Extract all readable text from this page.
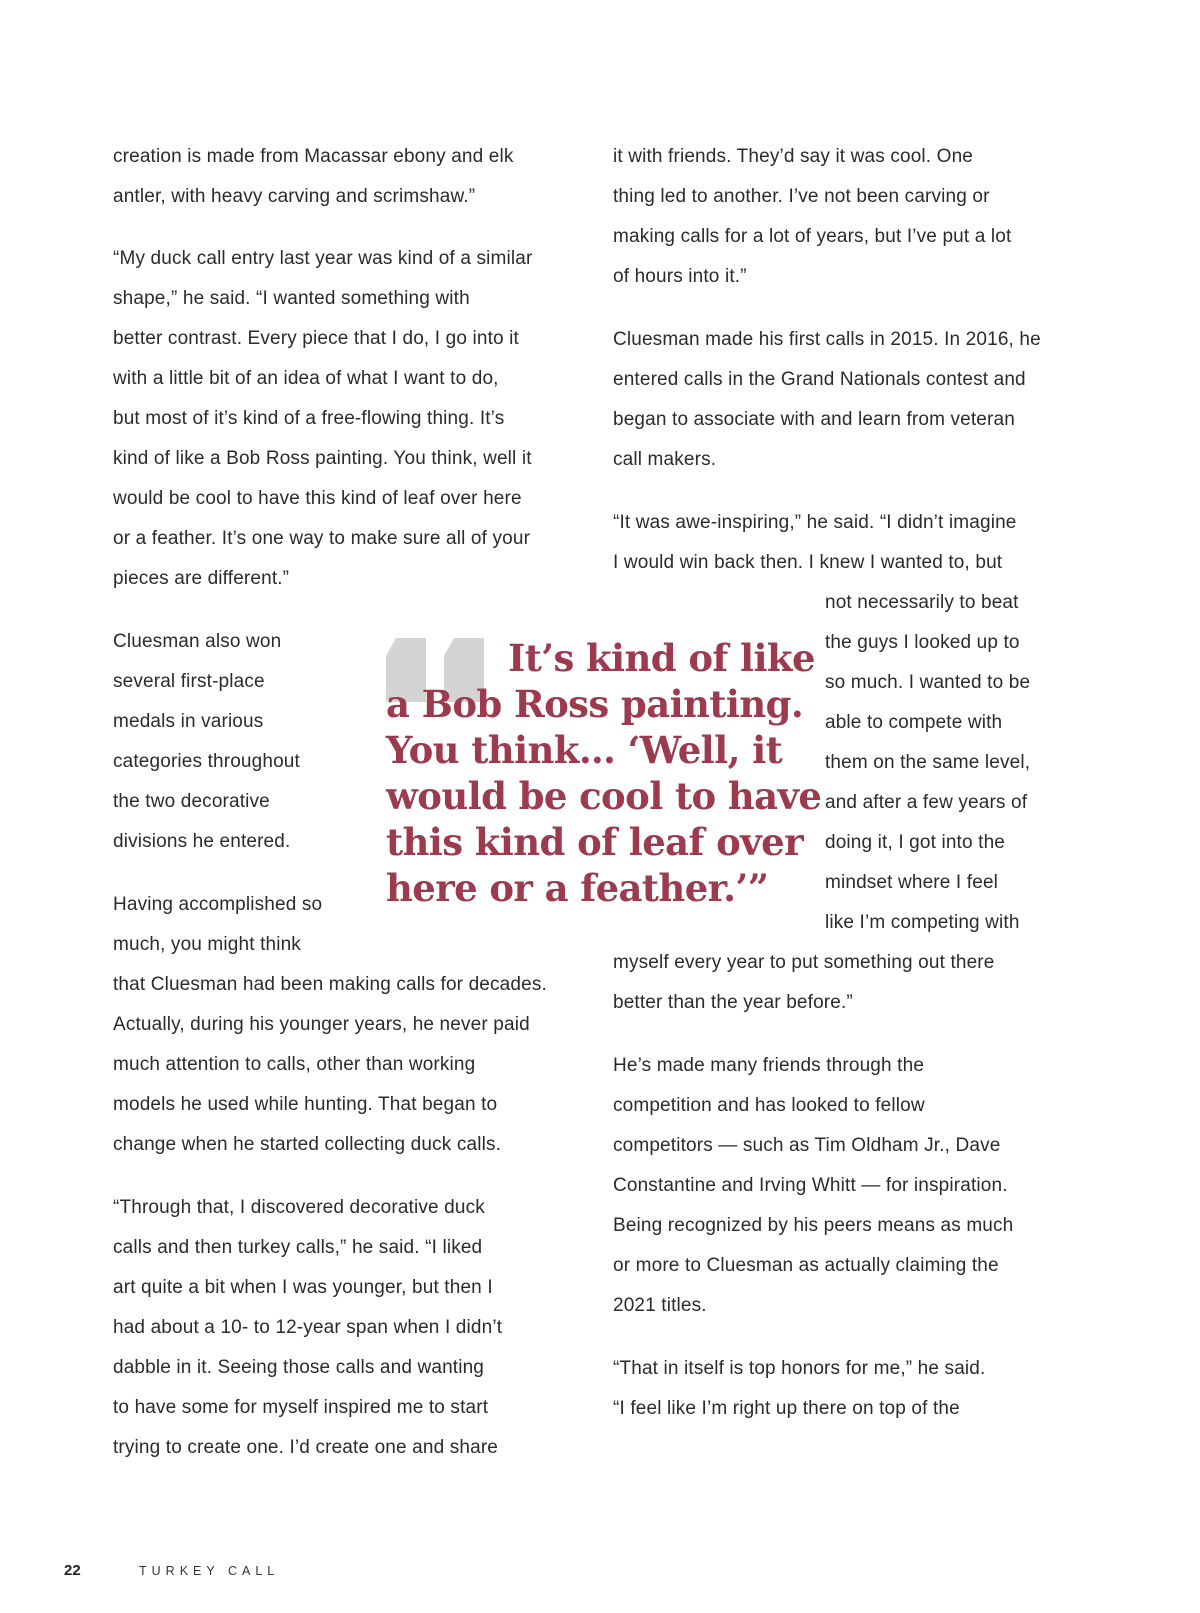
creation is made from Macassar ebony and elk
antler, with heavy carving and scrimshaw.”
“My duck call entry last year was kind of a similar
shape,” he said. “I wanted something with
better contrast. Every piece that I do, I go into it
with a little bit of an idea of what I want to do,
but most of it’s kind of a free-flowing thing. It’s
kind of like a Bob Ross painting. You think, well it
would be cool to have this kind of leaf over here
or a feather. It’s one way to make sure all of your
pieces are different.”
Cluesman also won
several first-place
medals in various
categories throughout
the two decorative
divisions he entered.
Having accomplished so
much, you might think
that Cluesman had been making calls for decades.
Actually, during his younger years, he never paid
much attention to calls, other than working
models he used while hunting. That began to
change when he started collecting duck calls.
“Through that, I discovered decorative duck
calls and then turkey calls,” he said. “I liked
art quite a bit when I was younger, but then I
had about a 10- to 12-year span when I didn’t
dabble in it. Seeing those calls and wanting
to have some for myself inspired me to start
trying to create one. I’d create one and share
it with friends. They’d say it was cool. One
thing led to another. I’ve not been carving or
making calls for a lot of years, but I’ve put a lot
of hours into it.”
Cluesman made his first calls in 2015. In 2016, he
entered calls in the Grand Nationals contest and
began to associate with and learn from veteran
call makers.
“It was awe-inspiring,” he said. “I didn’t imagine
I would win back then. I knew I wanted to, but
not necessarily to beat
the guys I looked up to
so much. I wanted to be
able to compete with
them on the same level,
and after a few years of
doing it, I got into the
mindset where I feel
like I’m competing with
myself every year to put something out there
better than the year before.”
He’s made many friends through the
competition and has looked to fellow
competitors — such as Tim Oldham Jr., Dave
Constantine and Irving Whitt — for inspiration.
Being recognized by his peers means as much
or more to Cluesman as actually claiming the
2021 titles.
“That in itself is top honors for me,” he said.
“I feel like I’m right up there on top of the
It’s kind of like
a Bob Ross painting.
You think… ‘Well, it
would be cool to have
this kind of leaf over
here or a feather.’”
22	TURKEY CALL
